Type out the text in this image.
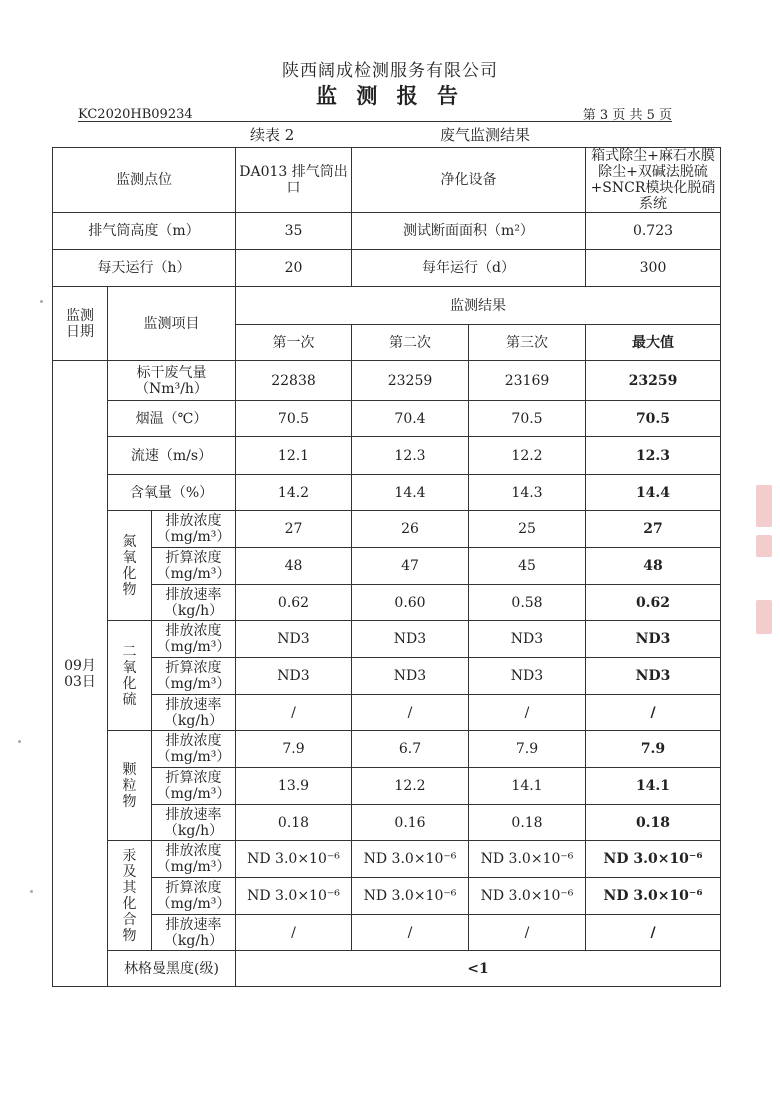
陕西阔成检测服务有限公司
监 测 报 告
KC2020HB09234	第 3 页 共 5 页
续表 2	废气监测结果
监测点位			DA013 排气筒出口	净化设备		箱式除尘+麻石水膜除尘+双碱法脱硫+SNCR模块化脱硝系统
排气筒高度（m）			35	测试断面面积（m²）		0.723
每天运行（h）			20	每年运行（d）		300
监测日期	监测项目		监测结果			
			第一次	第二次	第三次	最大值
09月03日	标干废气量（Nm³/h）		22838	23259	23169	23259
	烟温（℃）		70.5	70.4	70.5	70.5
	流速（m/s）		12.1	12.3	12.2	12.3
	含氧量（%）		14.2	14.4	14.3	14.4
	氮氧化物	排放浓度（mg/m³）	27	26	25	27
		折算浓度（mg/m³）	48	47	45	48
		排放速率（kg/h）	0.62	0.60	0.58	0.62
	二氧化硫	排放浓度（mg/m³）	ND3	ND3	ND3	ND3
		折算浓度（mg/m³）	ND3	ND3	ND3	ND3
		排放速率（kg/h）	/	/	/	/
	颗粒物	排放浓度（mg/m³）	7.9	6.7	7.9	7.9
		折算浓度（mg/m³）	13.9	12.2	14.1	14.1
		排放速率（kg/h）	0.18	0.16	0.18	0.18
	汞及其化合物	排放浓度（mg/m³）	ND 3.0×10⁻⁶	ND 3.0×10⁻⁶	ND 3.0×10⁻⁶	ND 3.0×10⁻⁶
		折算浓度（mg/m³）	ND 3.0×10⁻⁶	ND 3.0×10⁻⁶	ND 3.0×10⁻⁶	ND 3.0×10⁻⁶
		排放速率（kg/h）	/	/	/	/
	林格曼黑度(级)		<1			
